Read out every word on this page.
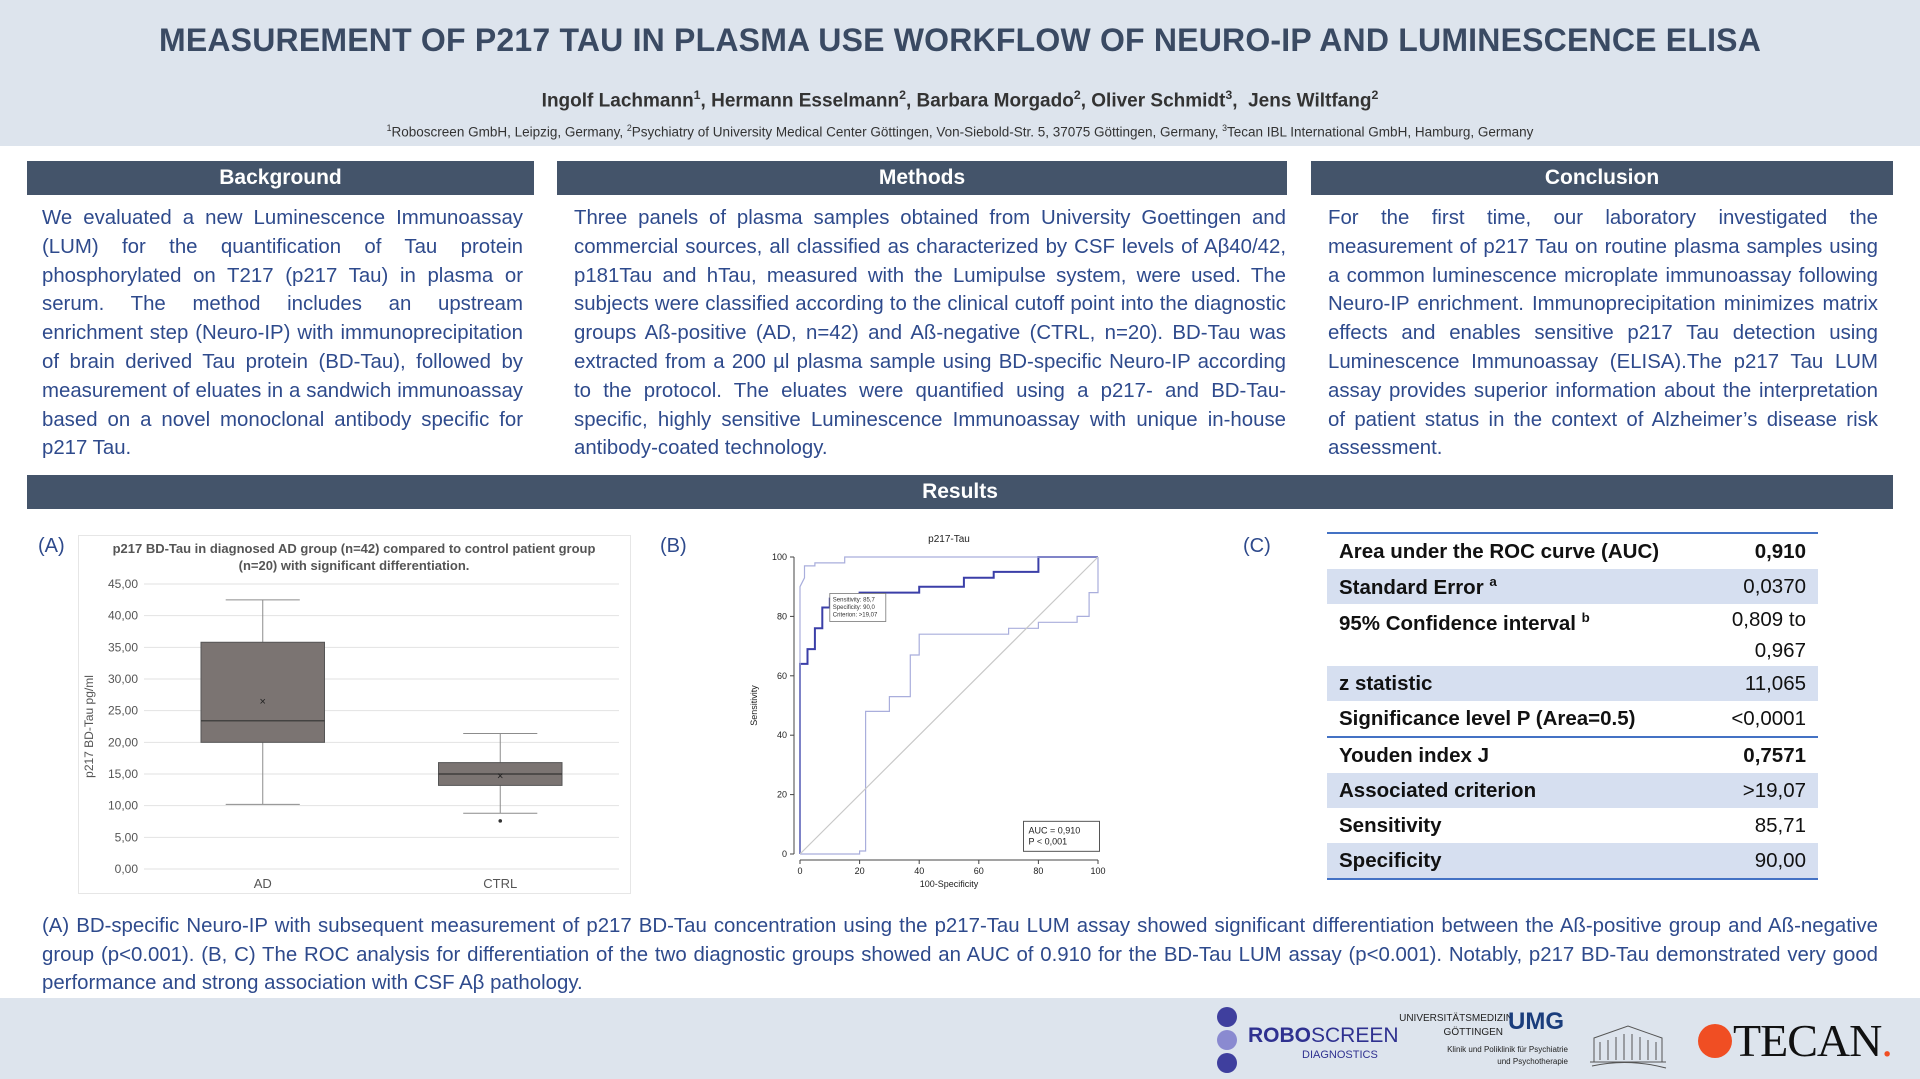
MEASUREMENT OF P217 TAU IN PLASMA USE WORKFLOW OF NEURO-IP AND LUMINESCENCE ELISA
Ingolf Lachmann$^1$, Hermann Esselmann$^2$, Barbara Morgado$^2$, Oliver Schmidt$^3$,  Jens Wiltfang$^2$
$^1$Roboscreen GmbH, Leipzig, Germany, $^2$Psychiatry of University Medical Center Göttingen, Von-Siebold-Str. 5, 37075 Göttingen, Germany, $^3$Tecan IBL International GmbH, Hamburg, Germany
Background	Methods	Conclusion
We evaluated a new Luminescence Immunoassay (LUM) for the quantification of Tau protein phosphorylated on T217 (p217 Tau) in plasma or serum. The method includes an upstream enrichment step (Neuro-IP) with immunoprecipitation of brain derived Tau protein (BD-Tau), followed by measurement of eluates in a sandwich immunoassay based on a novel monoclonal antibody specific for p217 Tau.
Three panels of plasma samples obtained from University Goettingen and commercial sources, all classified as characterized by CSF levels of Aβ40/42, p181Tau and hTau, measured with the Lumipulse system, were used. The subjects were classified according to the clinical cutoff point into the diagnostic groups Aß-positive (AD, n=42) and Aß-negative (CTRL, n=20). BD-Tau was extracted from a 200 µl plasma sample using BD-specific Neuro-IP according to the protocol. The eluates were quantified using a p217- and BD-Tau-specific, highly sensitive Luminescence Immunoassay with unique in-house antibody-coated technology.
For the first time, our laboratory investigated the measurement of p217 Tau on routine plasma samples using a common luminescence microplate immunoassay following Neuro-IP enrichment. Immunoprecipitation minimizes matrix effects and enables sensitive p217 Tau detection using Luminescence Immunoassay (ELISA).The p217 Tau LUM assay provides superior information about the interpretation of patient status in the context of Alzheimer’s disease risk assessment.
Results
(A)	(B)	(C)
p217 BD-Tau in diagnosed AD group (n=42) compared to control patient group (n=20) with significant differentiation.
0,00
5,00
10,00
15,00
20,00
25,00
30,00
35,00
40,00
45,00
p217 BD-Tau pg/ml	×
AD
×
CTRL
p217-Tau
0
20
40
60
80
100
0	20	40	60	80	100
100-Specificity
Sensitivity
Sensitivity: 85,7
Specificity: 90,0
Criterion: >19,07
AUC = 0,910
P < 0,001
Area under the ROC curve (AUC)	0,910
Standard Error $^a$	0,0370
95% Confidence interval $^b$	0,809 to
0,967
z statistic	11,065
Significance level P (Area=0.5)	<0,0001
Youden index J	0,7571
Associated criterion	>19,07
Sensitivity	85,71
Specificity	90,00
(A) BD-specific Neuro-IP with subsequent measurement of p217 BD-Tau concentration using the p217-Tau LUM assay showed significant differentiation between the Aß-positive group and Aß-negative group (p<0.001). (B, C) The ROC analysis for differentiation of the two diagnostic groups showed an AUC of 0.910 for the BD-Tau LUM assay (p<0.001). Notably, p217 BD-Tau demonstrated very good performance and strong association with CSF Aβ pathology.
ROBOSCREEN
DIAGNOSTICS
UNIVERSITÄTSMEDIZIN
GÖTTINGEN UMG
Klinik und Poliklinik für Psychiatrie
und Psychotherapie	TECAN.
